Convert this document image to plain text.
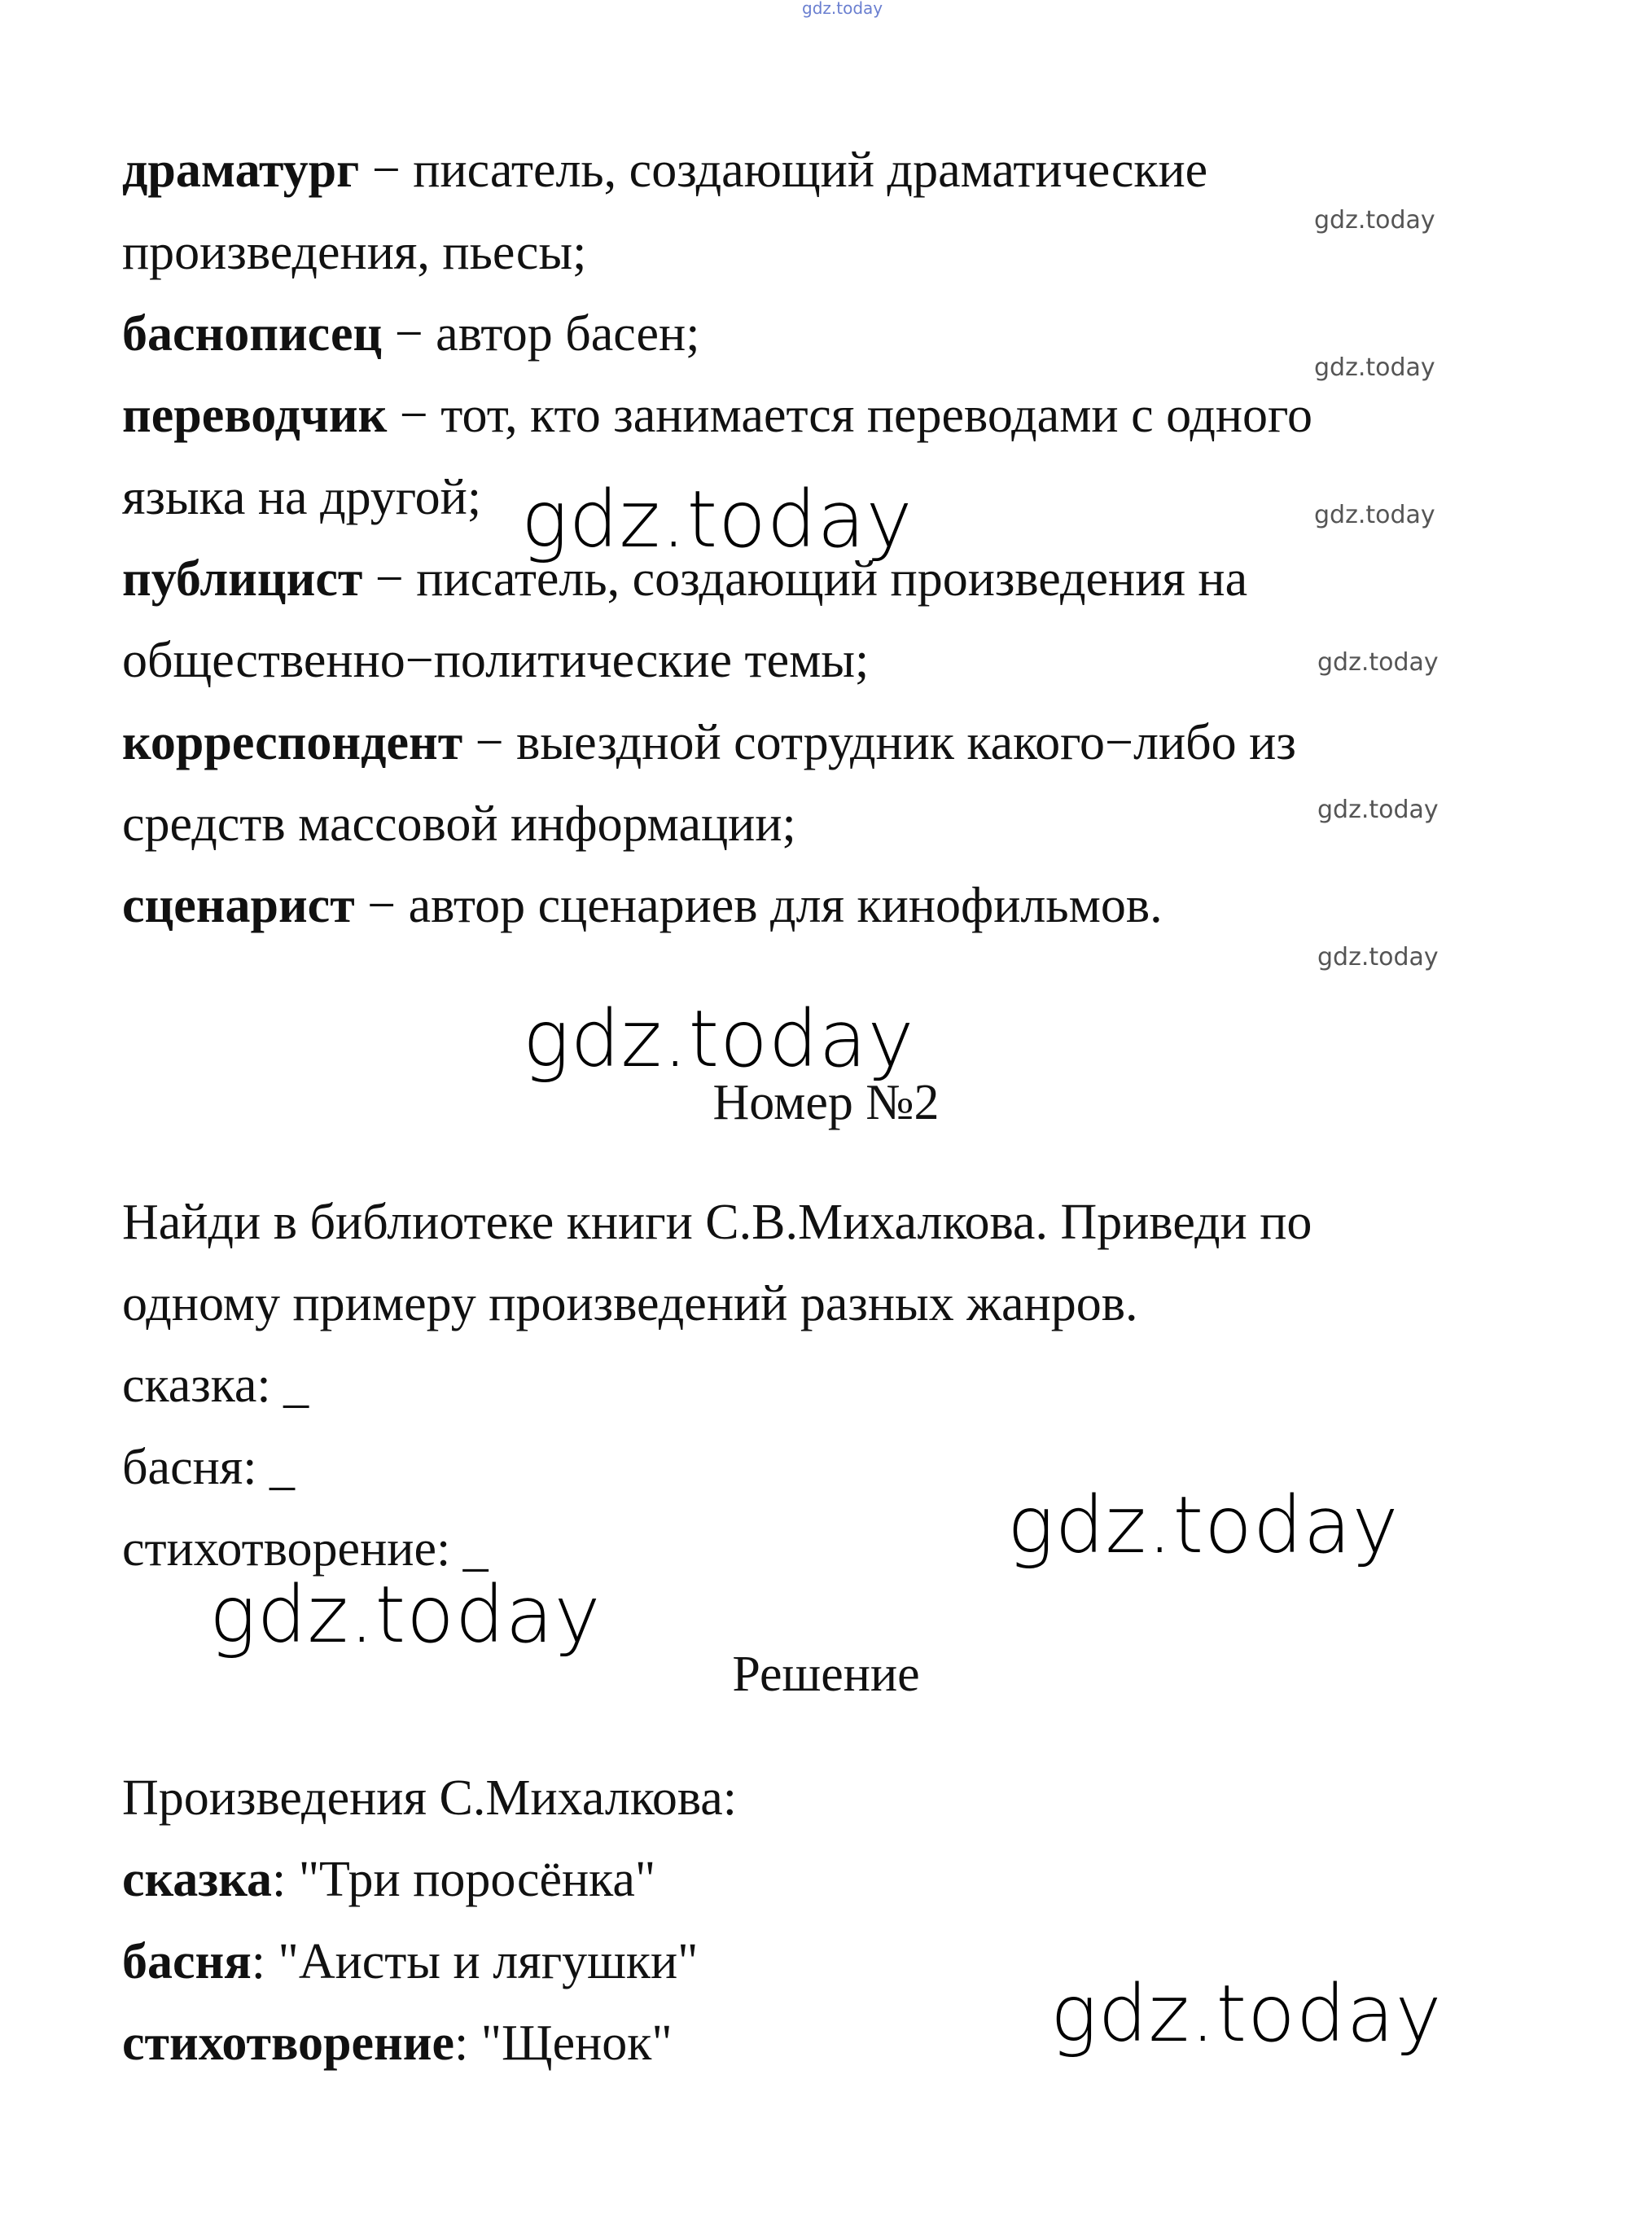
gdz.today
драматург − писатель, создающий драматические
произведения, пьесы;
баснописец − автор басен;
переводчик − тот, кто занимается переводами с одного
языка на другой;
публицист − писатель, создающий произведения на
общественно−политические темы;
корреспондент − выездной сотрудник какого−либо из
средств массовой информации;
сценарист − автор сценариев для кинофильмов.
Номер №2
Найди в библиотеке книги С.В.Михалкова. Приведи по
одному примеру произведений разных жанров.
сказка: _
басня: _
стихотворение: _
Решение
Произведения С.Михалкова:
сказка: "Три поросёнка"
басня: "Аисты и лягушки"
стихотворение: "Щенок"
gdz.today
gdz.today
gdz.today
gdz.today
gdz.today
gdz.today
gdz.today
gdz.today
gdz.today
gdz.today
gdz.today
